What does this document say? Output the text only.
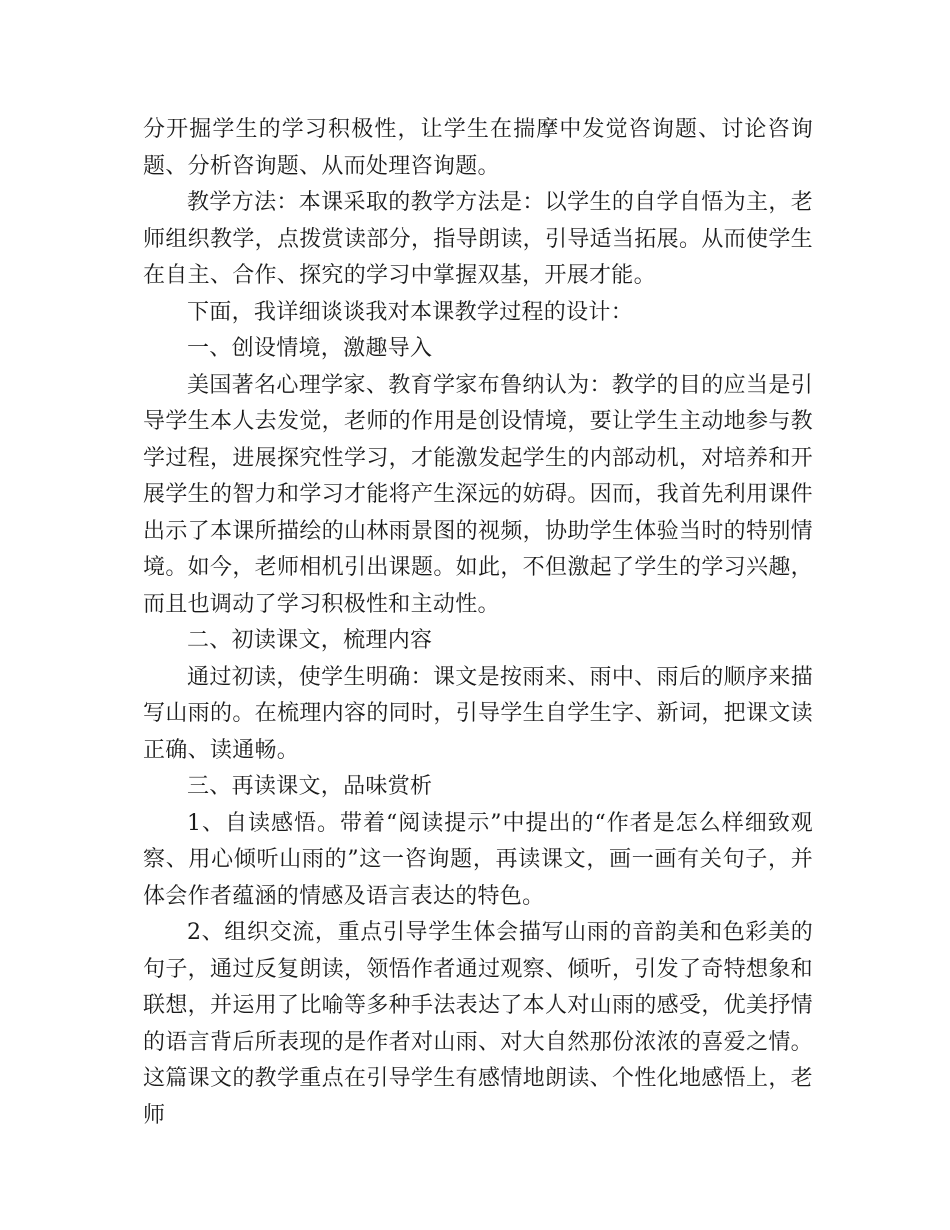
分开掘学生的学习积极性，让学生在揣摩中发觉咨询题、讨论咨询题、分析咨询题、从而处理咨询题。

教学方法：本课采取的教学方法是：以学生的自学自悟为主，老师组织教学，点拨赏读部分，指导朗读，引导适当拓展。从而使学生在自主、合作、探究的学习中掌握双基，开展才能。

下面，我详细谈谈我对本课教学过程的设计：

一、创设情境，激趣导入

美国著名心理学家、教育学家布鲁纳认为：教学的目的应当是引导学生本人去发觉，老师的作用是创设情境，要让学生主动地参与教学过程，进展探究性学习，才能激发起学生的内部动机，对培养和开展学生的智力和学习才能将产生深远的妨碍。因而，我首先利用课件出示了本课所描绘的山林雨景图的视频，协助学生体验当时的特别情境。如今，老师相机引出课题。如此，不但激起了学生的学习兴趣，而且也调动了学习积极性和主动性。

二、初读课文，梳理内容

通过初读，使学生明确：课文是按雨来、雨中、雨后的顺序来描写山雨的。在梳理内容的同时，引导学生自学生字、新词，把课文读正确、读通畅。

三、再读课文，品味赏析

1、自读感悟。带着“阅读提示”中提出的“作者是怎么样细致观察、用心倾听山雨的”这一咨询题，再读课文，画一画有关句子，并体会作者蕴涵的情感及语言表达的特色。

2、组织交流，重点引导学生体会描写山雨的音韵美和色彩美的句子，通过反复朗读，领悟作者通过观察、倾听，引发了奇特想象和联想，并运用了比喻等多种手法表达了本人对山雨的感受，优美抒情的语言背后所表现的是作者对山雨、对大自然那份浓浓的喜爱之情。这篇课文的教学重点在引导学生有感情地朗读、个性化地感悟上，老师
